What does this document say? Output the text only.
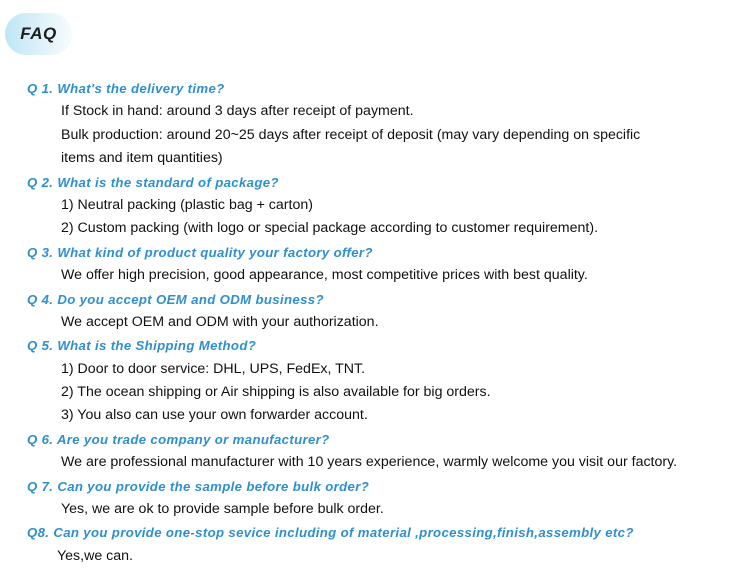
FAQ
Q 1. What's the delivery time?
If Stock in hand: around 3 days after receipt of payment.
Bulk production: around 20~25 days after receipt of deposit (may vary depending on specific
items and item quantities)
Q 2. What is the standard of package?
1) Neutral packing (plastic bag + carton)
2) Custom packing (with logo or special package according to customer requirement).
Q 3. What kind of product quality your factory offer?
We offer high precision, good appearance, most competitive prices with best quality.
Q 4. Do you accept OEM and ODM business?
We accept OEM and ODM with your authorization.
Q 5. What is the Shipping Method?
1) Door to door service: DHL, UPS, FedEx, TNT.
2) The ocean shipping or Air shipping is also available for big orders.
3) You also can use your own forwarder account.
Q 6. Are you trade company or manufacturer?
We are professional manufacturer with 10 years experience, warmly welcome you visit our factory.
Q 7. Can you provide the sample before bulk order?
Yes, we are ok to provide sample before bulk order.
Q8. Can you provide one-stop sevice including of material ,processing,finish,assembly etc?
Yes,we can.
